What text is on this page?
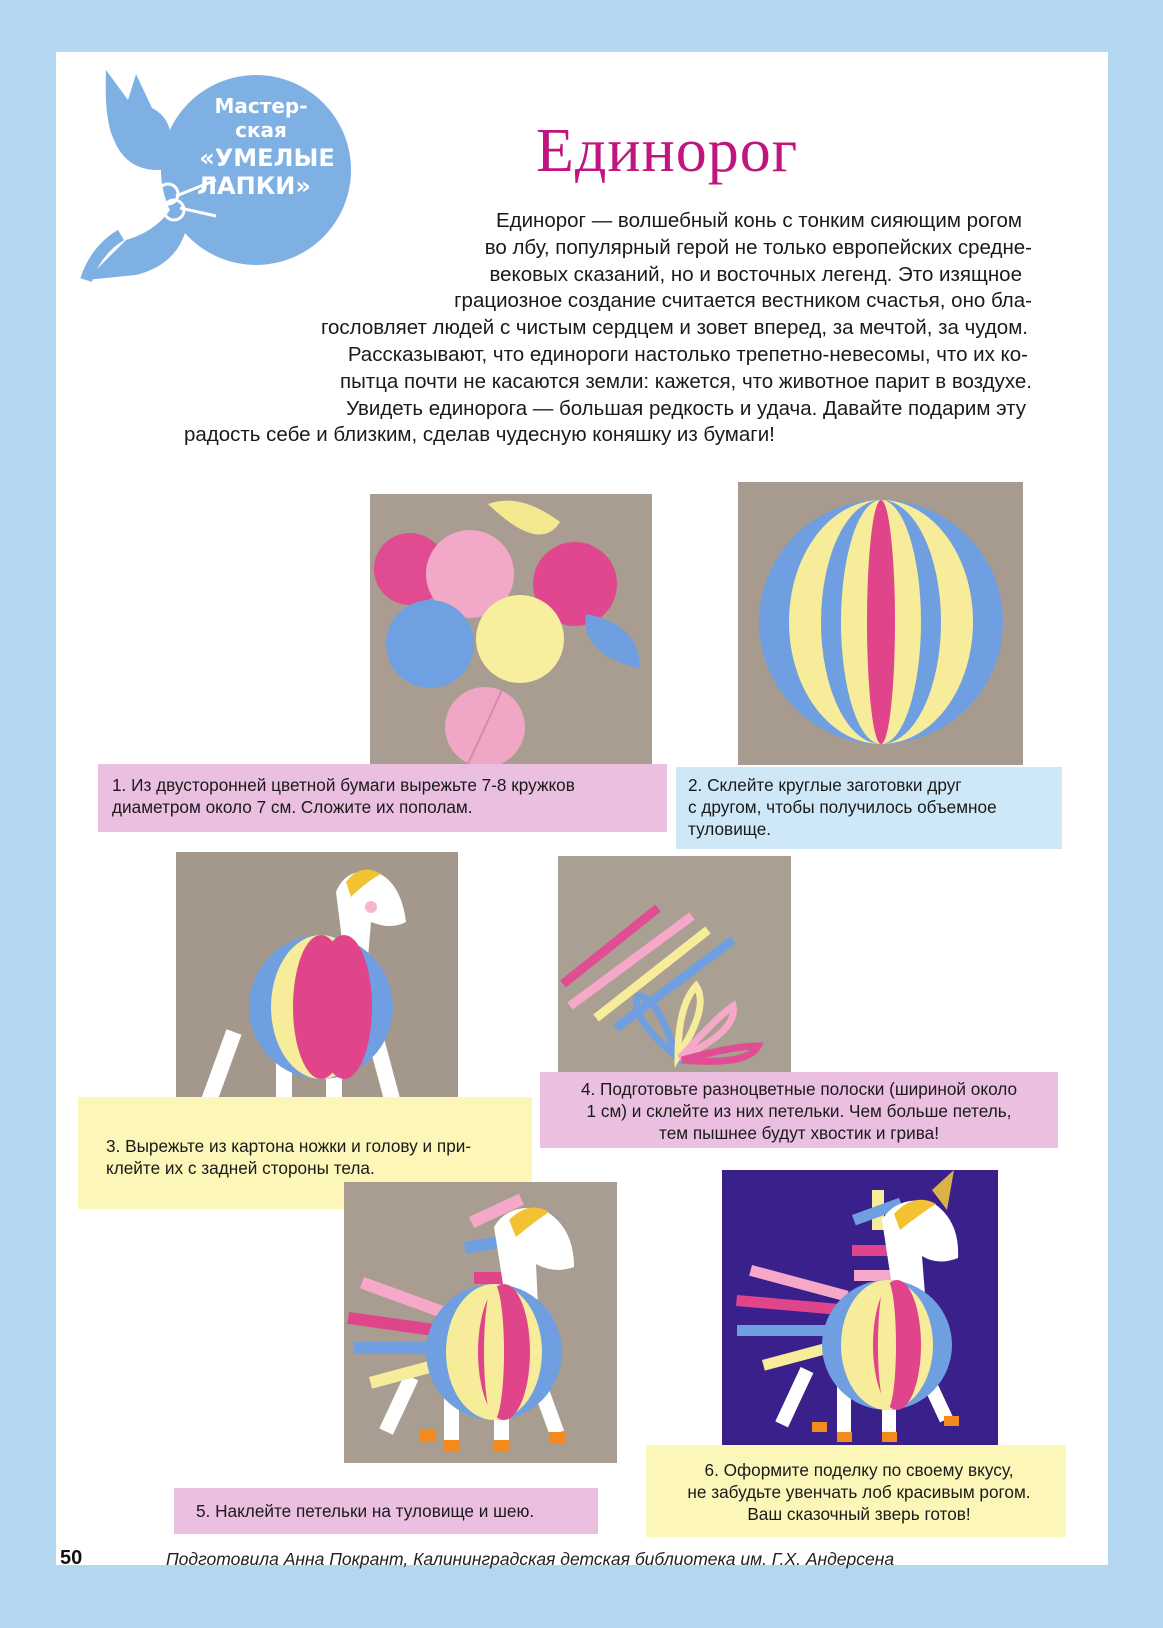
Мастер-
ская
«УМЕЛЫЕ
ЛАПКИ»
Единорог
Единорог — волшебный конь с тонким сияющим рогом
во лбу, популярный герой не только европейских средне-
вековых сказаний, но и восточных легенд. Это изящное
грациозное создание считается вестником счастья, оно бла-
гословляет людей с чистым сердцем и зовет вперед, за мечтой, за чудом.
Рассказывают, что единороги настолько трепетно-невесомы, что их ко-
пытца почти не касаются земли: кажется, что животное парит в воздухе.
Увидеть единорога — большая редкость и удача. Давайте подарим эту
радость себе и близким, сделав чудесную коняшку из бумаги!
1. Из двусторонней цветной бумаги вырежьте 7-8 кружков
диаметром около 7 см. Сложите их пополам.
2. Склейте круглые заготовки друг
с другом, чтобы получилось объемное
туловище.
4. Подготовьте разноцветные полоски (шириной около
1 см) и склейте из них петельки. Чем больше петель,
тем пышнее будут хвостик и грива!
3. Вырежьте из картона ножки и голову и при-
клейте их с задней стороны тела.
6. Оформите поделку по своему вкусу,
не забудьте увенчать лоб красивым рогом.
Ваш сказочный зверь готов!
5. Наклейте петельки на туловище и шею.
50	Подготовила Анна Покрант, Калининградская детская библиотека им. Г.Х. Андерсена
